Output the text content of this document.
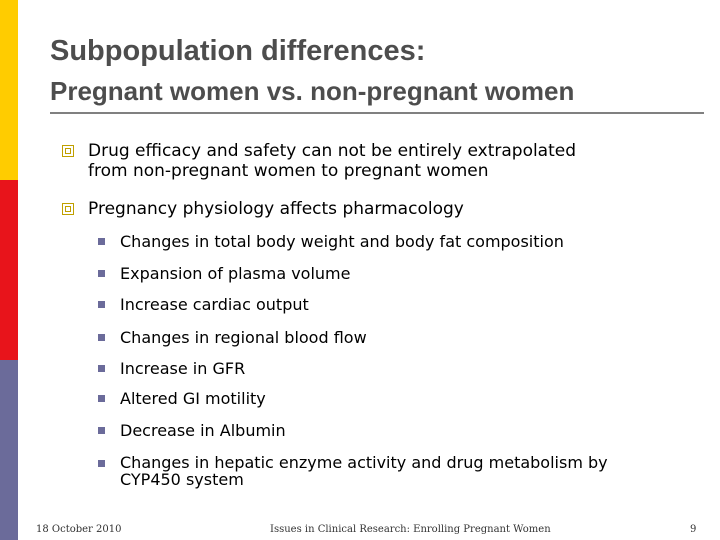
Subpopulation differences:
Pregnant women vs. non-pregnant women
Drug efficacy and safety can not be entirely extrapolated
from non-pregnant women to pregnant women
Pregnancy physiology affects pharmacology
Changes in total body weight and body fat composition
Expansion of plasma volume
Increase cardiac output
Changes in regional blood flow
Increase in GFR
Altered GI motility
Decrease in Albumin
Changes in hepatic enzyme activity and drug metabolism by
CYP450 system
18 October 2010	Issues in Clinical Research: Enrolling Pregnant Women	9
